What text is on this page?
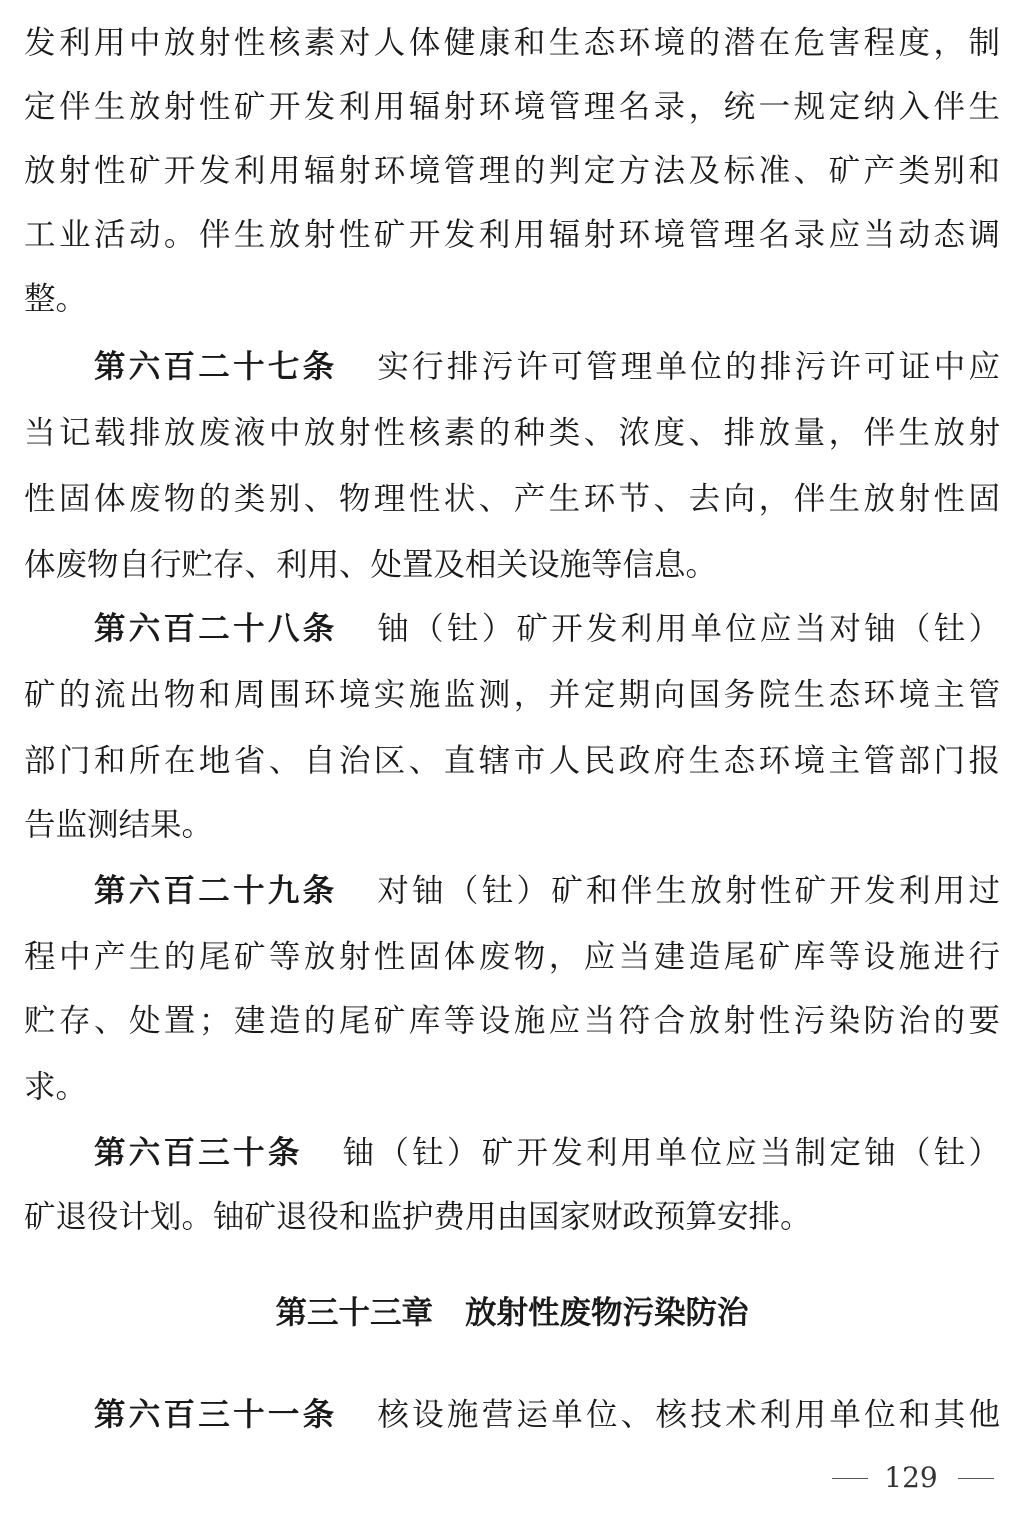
发利用中放射性核素对人体健康和生态环境的潜在危害程度，制
定伴生放射性矿开发利用辐射环境管理名录，统一规定纳入伴生
放射性矿开发利用辐射环境管理的判定方法及标准、矿产类别和
工业活动。伴生放射性矿开发利用辐射环境管理名录应当动态调
整。
第六百二十七条 实行排污许可管理单位的排污许可证中应
当记载排放废液中放射性核素的种类、浓度、排放量，伴生放射
性固体废物的类别、物理性状、产生环节、去向，伴生放射性固
体废物自行贮存、利用、处置及相关设施等信息。
第六百二十八条 铀（钍）矿开发利用单位应当对铀（钍）
矿的流出物和周围环境实施监测，并定期向国务院生态环境主管
部门和所在地省、自治区、直辖市人民政府生态环境主管部门报
告监测结果。
第六百二十九条 对铀（钍）矿和伴生放射性矿开发利用过
程中产生的尾矿等放射性固体废物，应当建造尾矿库等设施进行
贮存、处置；建造的尾矿库等设施应当符合放射性污染防治的要
求。
第六百三十条 铀（钍）矿开发利用单位应当制定铀（钍）
矿退役计划。铀矿退役和监护费用由国家财政预算安排。
第三十三章 放射性废物污染防治
第六百三十一条 核设施营运单位、核技术利用单位和其他
129
